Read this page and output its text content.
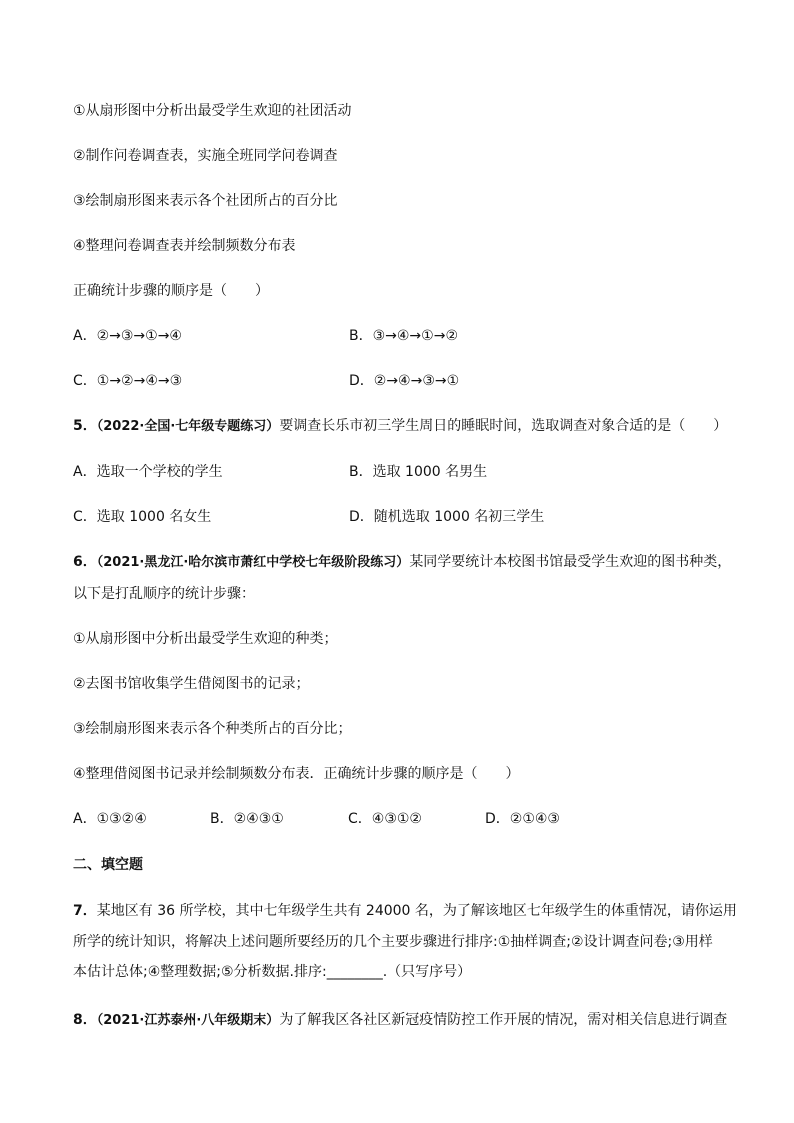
①从扇形图中分析出最受学生欢迎的社团活动
②制作问卷调查表，实施全班同学问卷调查
③绘制扇形图来表示各个社团所占的百分比
④整理问卷调查表并绘制频数分布表
正确统计步骤的顺序是（　　）
A．②→③→①→④	B．③→④→①→②
C．①→②→④→③	D．②→④→③→①
5．（2022·全国·七年级专题练习）要调查长乐市初三学生周日的睡眠时间，选取调查对象合适的是（　　）
A．选取一个学校的学生	B．选取 1000 名男生
C．选取 1000 名女生	D．随机选取 1000 名初三学生
6．（2021·黑龙江·哈尔滨市萧红中学校七年级阶段练习）某同学要统计本校图书馆最受学生欢迎的图书种类，
以下是打乱顺序的统计步骤：
①从扇形图中分析出最受学生欢迎的种类；
②去图书馆收集学生借阅图书的记录；
③绘制扇形图来表示各个种类所占的百分比；
④整理借阅图书记录并绘制频数分布表．正确统计步骤的顺序是（　　）
A．①③②④	B．②④③①	C．④③①②	D．②①④③
二、填空题
7．某地区有 36 所学校，其中七年级学生共有 24000 名，为了解该地区七年级学生的体重情况，请你运用
所学的统计知识，将解决上述问题所要经历的几个主要步骤进行排序:①抽样调查;②设计调查问卷;③用样
本估计总体;④整理数据;⑤分析数据.排序:________.（只写序号）
8．（2021·江苏泰州·八年级期末）为了解我区各社区新冠疫情防控工作开展的情况，需对相关信息进行调查
